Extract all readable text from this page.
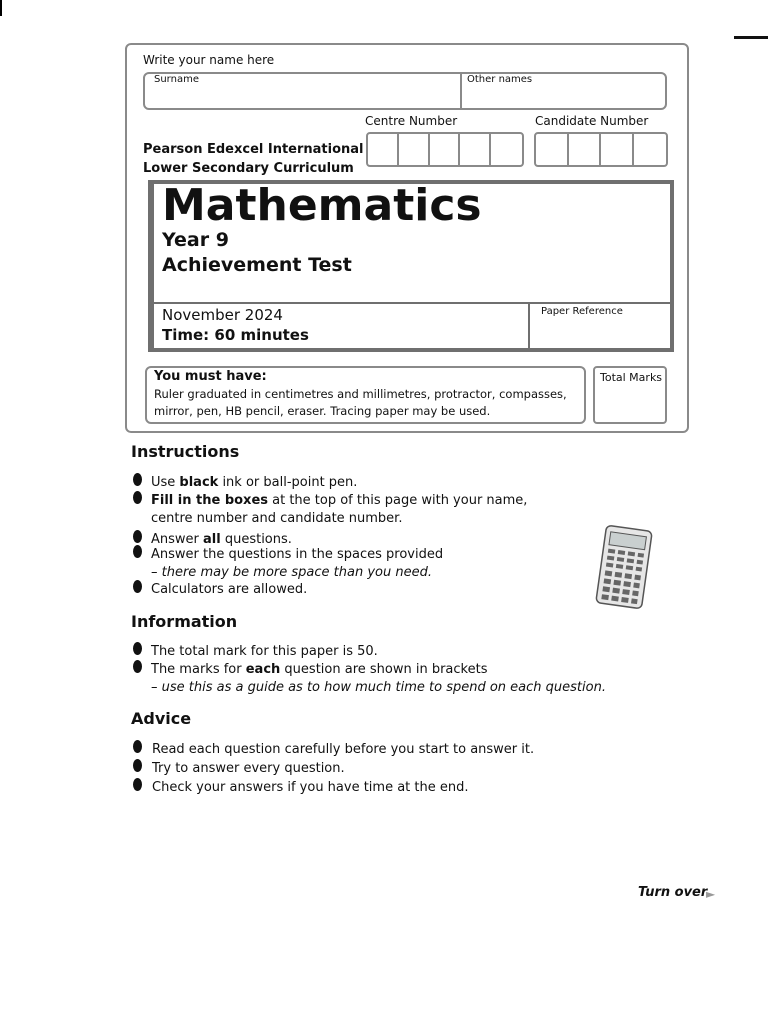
Write your name here
Surname	Other names
Centre Number	Candidate Number
Pearson Edexcel International
Lower Secondary Curriculum
Mathematics
Year 9
Achievement Test
November 2024
Time: 60 minutes
Paper Reference
You must have:
Ruler graduated in centimetres and millimetres, protractor, compasses,
mirror, pen, HB pencil, eraser. Tracing paper may be used.
Total Marks
Instructions
Use black ink or ball-point pen.
Fill in the boxes at the top of this page with your name,
centre number and candidate number.
Answer all questions.
Answer the questions in the spaces provided
– there may be more space than you need.
Calculators are allowed.
Information
The total mark for this paper is 50.
The marks for each question are shown in brackets
– use this as a guide as to how much time to spend on each question.
Advice
Read each question carefully before you start to answer it.
Try to answer every question.
Check your answers if you have time at the end.
Turn over
►
